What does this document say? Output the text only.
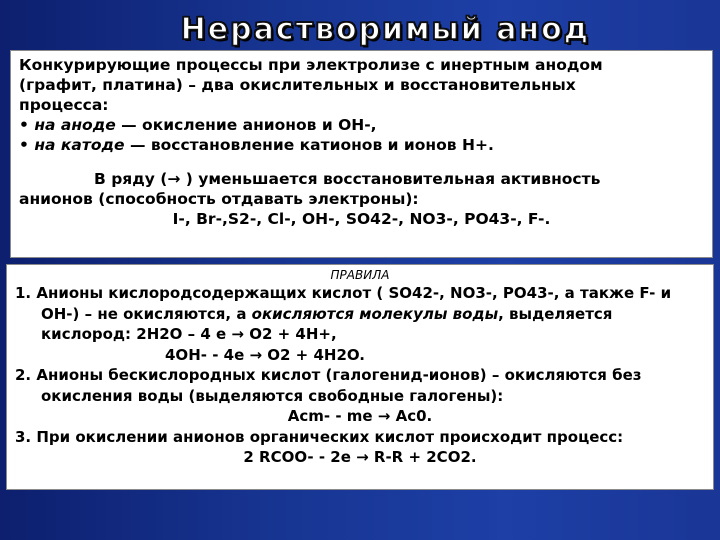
Нерастворимый анод

Конкурирующие процессы при электролизе с инертным анодом

(графит, платина) – два окислительных и восстановительных

процесса:

• на аноде — окисление анионов и OH-,
• на катоде — восстановление катионов и ионов H+.
В ряду (→ ) уменьшается восстановительная активность
анионов (способность отдавать электроны):
I-, Br-,S2-, Cl-, OH-, SO42-, NO3-, PO43-, F-.
ПРАВИЛА
1. Анионы кислородсодержащих кислот ( SO42-, NO3-, PO43-, а также F- и
OH-) – не окисляются, а окисляются молекулы воды, выделяется
кислород: 2H2O – 4 e → O2 + 4H+,
4OH- - 4e → O2 + 4H2O.
2. Анионы бескислородных кислот (галогенид-ионов) – окисляются без
окисления воды (выделяются свободные галогены):
Acm- - me → Ac0.
3. При окислении анионов органических кислот происходит процесс:
2 RCOO- - 2e → R-R + 2CO2.
